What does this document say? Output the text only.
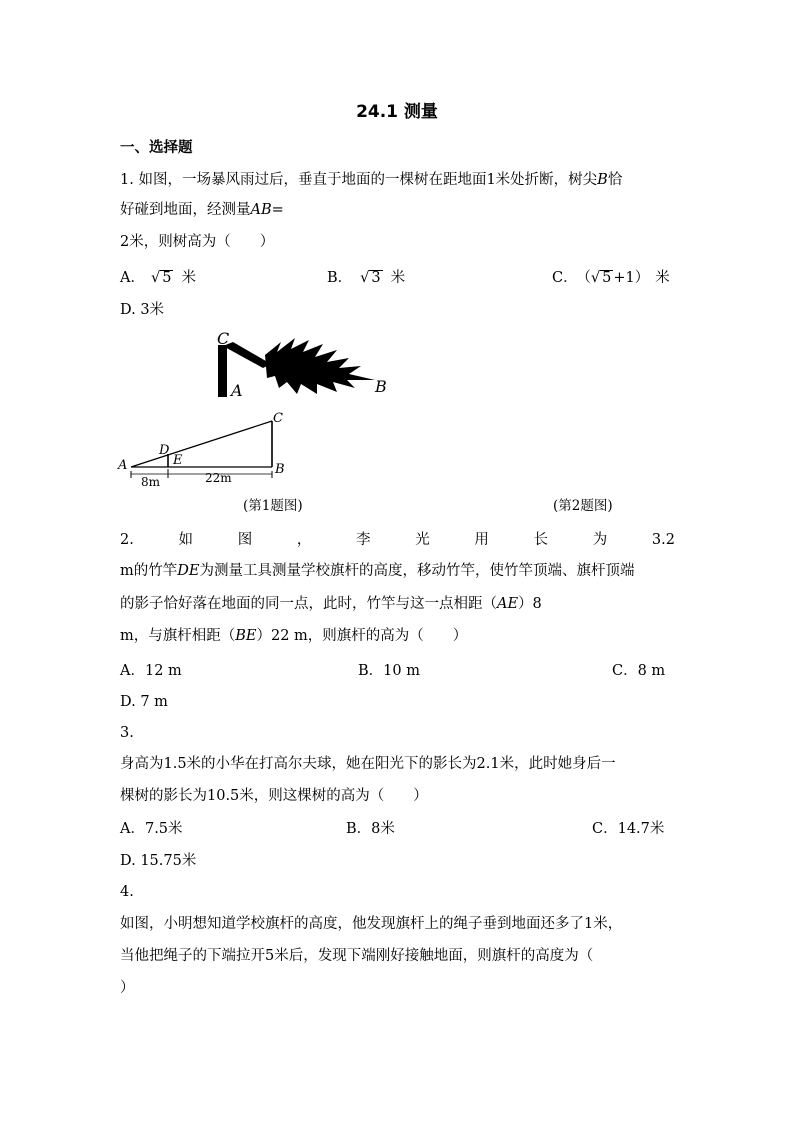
24.1 测量
一、选择题
1. 如图，一场暴风雨过后，垂直于地面的一棵树在距地面1米处折断，树尖B恰
好碰到地面，经测量AB=
2米，则树高为（　　）
A． √ 5 米	B． √ 3 米	C． （√ 5 +1） 米
D. 3米
C
A	B
D
E
A	B
C
8m	22m
(第1题图)	(第2题图)
2.	如	图	，	李	光	用	长	为	3.2
m的竹竿DE为测量工具测量学校旗杆的高度，移动竹竿，使竹竿顶端、旗杆顶端
的影子恰好落在地面的同一点，此时，竹竿与这一点相距（AE）8
m，与旗杆相距（BE）22 m，则旗杆的高为（　　）
A．12 m	B．10 m	C．8 m
D. 7 m
3.
身高为1.5米的小华在打高尔夫球，她在阳光下的影长为2.1米，此时她身后一
棵树的影长为10.5米，则这棵树的高为（　　）
A．7.5米	B．8米	C．14.7米
D. 15.75米
4.
如图，小明想知道学校旗杆的高度，他发现旗杆上的绳子垂到地面还多了1米，
当他把绳子的下端拉开5米后，发现下端刚好接触地面，则旗杆的高度为（
）
